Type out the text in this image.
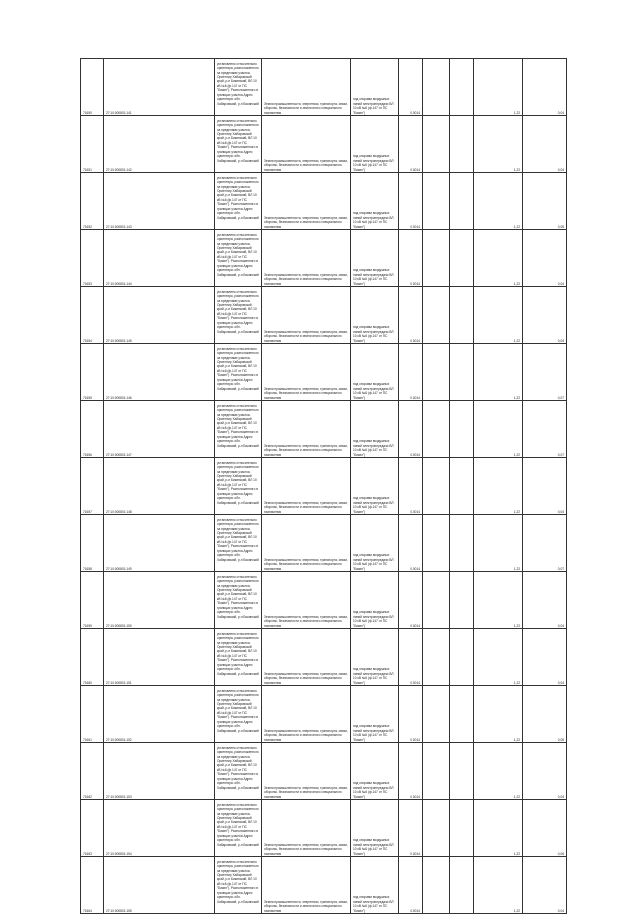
71650	27:10:000801:141	установлено относительно ориентира, расположенного за пределами участка. Ориентир Хабаровский край, р-н Бикинский, ВЛ 10 кВ №6 (ф.147 от ПС "Бикин"). Расположенного в границах участка Адрес ориентира: обл. Хабаровский, р-н Бикинский	Земли промышленности, энергетики, транспорта, связи, обороны, безопасности и земли иного специального назначения	под опорами воздушных линий электропередачи ВЛ 10 кВ №6 (ф.147 от ПС "Бикин")	0.0014			1,22	0,04
71651	27:10:000801:142	установлено относительно ориентира, расположенного за пределами участка. Ориентир Хабаровский край, р-н Бикинский, ВЛ 10 кВ №6 (ф.147 от ПС "Бикин"). Расположенного в границах участка Адрес ориентира: обл. Хабаровский, р-н Бикинский	Земли промышленности, энергетики, транспорта, связи, обороны, безопасности и земли иного специального назначения	под опорами воздушных линий электропередачи ВЛ 10 кВ №6 (ф.147 от ПС "Бикин")	0.0014			1,22	0,04
71652	27:10:000801:143	установлено относительно ориентира, расположенного за пределами участка. Ориентир Хабаровский край, р-н Бикинский, ВЛ 10 кВ №6 (ф.147 от ПС "Бикин"). Расположенного в границах участка Адрес ориентира: обл. Хабаровский, р-н Бикинский	Земли промышленности, энергетики, транспорта, связи, обороны, безопасности и земли иного специального назначения	под опорами воздушных линий электропередачи ВЛ 10 кВ №6 (ф.147 от ПС "Бикин")	0.0014			1,22	0,05
71653	27:10:000801:144	установлено относительно ориентира, расположенного за пределами участка. Ориентир Хабаровский край, р-н Бикинский, ВЛ 10 кВ №6 (ф.147 от ПС "Бикин"). Расположенного в границах участка Адрес ориентира: обл. Хабаровский, р-н Бикинский	Земли промышленности, энергетики, транспорта, связи, обороны, безопасности и земли иного специального назначения	под опорами воздушных линий электропередачи ВЛ 10 кВ №6 (ф.147 от ПС "Бикин")	0.0014			1,22	0,04
71654	27:10:000801:145	установлено относительно ориентира, расположенного за пределами участка. Ориентир Хабаровский край, р-н Бикинский, ВЛ 10 кВ №6 (ф.147 от ПС "Бикин"). Расположенного в границах участка Адрес ориентира: обл. Хабаровский, р-н Бикинский	Земли промышленности, энергетики, транспорта, связи, обороны, безопасности и земли иного специального назначения	под опорами воздушных линий электропередачи ВЛ 10 кВ №6 (ф.147 от ПС "Бикин")	0.0014			1,22	0,04
71655	27:10:000801:146	установлено относительно ориентира, расположенного за пределами участка. Ориентир Хабаровский край, р-н Бикинский, ВЛ 10 кВ №6 (ф.147 от ПС "Бикин"). Расположенного в границах участка Адрес ориентира: обл. Хабаровский, р-н Бикинский	Земли промышленности, энергетики, транспорта, связи, обороны, безопасности и земли иного специального назначения	под опорами воздушных линий электропередачи ВЛ 10 кВ №6 (ф.147 от ПС "Бикин")	0.0014			1,22	0,07
71656	27:10:000801:147	установлено относительно ориентира, расположенного за пределами участка. Ориентир Хабаровский край, р-н Бикинский, ВЛ 10 кВ №6 (ф.147 от ПС "Бикин"). Расположенного в границах участка Адрес ориентира: обл. Хабаровский, р-н Бикинский	Земли промышленности, энергетики, транспорта, связи, обороны, безопасности и земли иного специального назначения	под опорами воздушных линий электропередачи ВЛ 10 кВ №6 (ф.147 от ПС "Бикин")	0.0014			1,22	0,07
71657	27:10:000801:148	установлено относительно ориентира, расположенного за пределами участка. Ориентир Хабаровский край, р-н Бикинский, ВЛ 10 кВ №6 (ф.147 от ПС "Бикин"). Расположенного в границах участка Адрес ориентира: обл. Хабаровский, р-н Бикинский	Земли промышленности, энергетики, транспорта, связи, обороны, безопасности и земли иного специального назначения	под опорами воздушных линий электропередачи ВЛ 10 кВ №6 (ф.147 от ПС "Бикин")	0.0014			1,22	0,04
71658	27:10:000801:149	установлено относительно ориентира, расположенного за пределами участка. Ориентир Хабаровский край, р-н Бикинский, ВЛ 10 кВ №6 (ф.147 от ПС "Бикин"). Расположенного в границах участка Адрес ориентира: обл. Хабаровский, р-н Бикинский	Земли промышленности, энергетики, транспорта, связи, обороны, безопасности и земли иного специального назначения	под опорами воздушных линий электропередачи ВЛ 10 кВ №6 (ф.147 от ПС "Бикин")	0.0014			1,22	0,07
71659	27:10:000801:150	установлено относительно ориентира, расположенного за пределами участка. Ориентир Хабаровский край, р-н Бикинский, ВЛ 10 кВ №6 (ф.147 от ПС "Бикин"). Расположенного в границах участка Адрес ориентира: обл. Хабаровский, р-н Бикинский	Земли промышленности, энергетики, транспорта, связи, обороны, безопасности и земли иного специального назначения	под опорами воздушных линий электропередачи ВЛ 10 кВ №6 (ф.147 от ПС "Бикин")	0.0014			1,22	0,04
71660	27:10:000801:151	установлено относительно ориентира, расположенного за пределами участка. Ориентир Хабаровский край, р-н Бикинский, ВЛ 10 кВ №6 (ф.147 от ПС "Бикин"). Расположенного в границах участка Адрес ориентира: обл. Хабаровский, р-н Бикинский	Земли промышленности, энергетики, транспорта, связи, обороны, безопасности и земли иного специального назначения	под опорами воздушных линий электропередачи ВЛ 10 кВ №6 (ф.147 от ПС "Бикин")	0.0014			1,22	0,04
71661	27:10:000801:152	установлено относительно ориентира, расположенного за пределами участка. Ориентир Хабаровский край, р-н Бикинский, ВЛ 10 кВ №6 (ф.147 от ПС "Бикин"). Расположенного в границах участка Адрес ориентира: обл. Хабаровский, р-н Бикинский	Земли промышленности, энергетики, транспорта, связи, обороны, безопасности и земли иного специального назначения	под опорами воздушных линий электропередачи ВЛ 10 кВ №6 (ф.147 от ПС "Бикин")	0.0014			1,22	0,05
71662	27:10:000801:153	установлено относительно ориентира, расположенного за пределами участка. Ориентир Хабаровский край, р-н Бикинский, ВЛ 10 кВ №6 (ф.147 от ПС "Бикин"). Расположенного в границах участка Адрес ориентира: обл. Хабаровский, р-н Бикинский	Земли промышленности, энергетики, транспорта, связи, обороны, безопасности и земли иного специального назначения	под опорами воздушных линий электропередачи ВЛ 10 кВ №6 (ф.147 от ПС "Бикин")	0.0014			1,22	0,04
71663	27:10:000801:154	установлено относительно ориентира, расположенного за пределами участка. Ориентир Хабаровский край, р-н Бикинский, ВЛ 10 кВ №6 (ф.147 от ПС "Бикин"). Расположенного в границах участка Адрес ориентира: обл. Хабаровский, р-н Бикинский	Земли промышленности, энергетики, транспорта, связи, обороны, безопасности и земли иного специального назначения	под опорами воздушных линий электропередачи ВЛ 10 кВ №6 (ф.147 от ПС "Бикин")	0.0014			1,22	0,06
71664	27:10:000801:155	установлено относительно ориентира, расположенного за пределами участка. Ориентир Хабаровский край, р-н Бикинский, ВЛ 10 кВ №6 (ф.147 от ПС "Бикин"). Расположенного в границах участка Адрес ориентира: обл. Хабаровский, р-н Бикинский	Земли промышленности, энергетики, транспорта, связи, обороны, безопасности и земли иного специального назначения	под опорами воздушных линий электропередачи ВЛ 10 кВ №6 (ф.147 от ПС "Бикин")	0.0014			1,22	0,04
